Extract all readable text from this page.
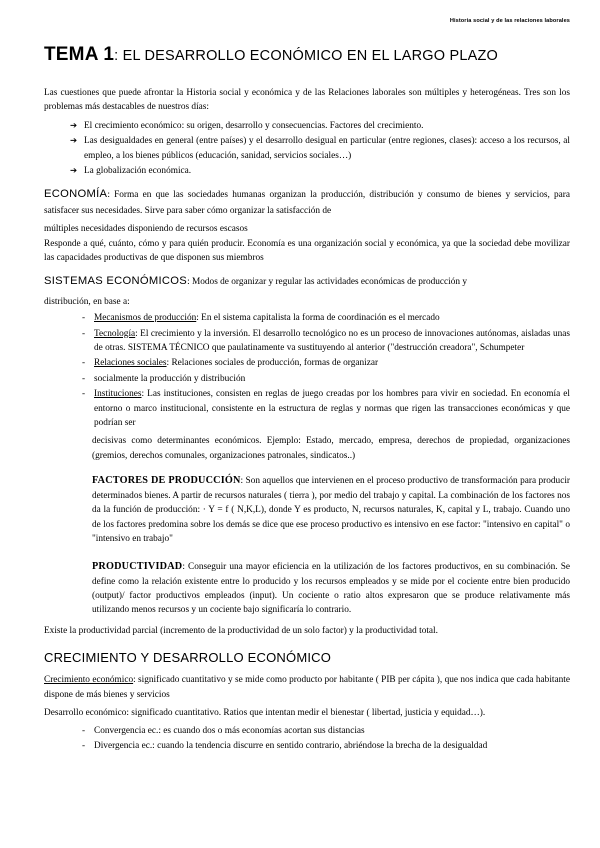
Historia social y de las relaciones laborales
TEMA 1: EL DESARROLLO ECONÓMICO EN EL LARGO PLAZO

Las cuestiones que puede afrontar la Historia social y económica y de las Relaciones laborales son múltiples y heterogéneas. Tres son los problemas más destacables de nuestros días:

➔ El crecimiento económico: su origen, desarrollo y consecuencias. Factores del crecimiento.
➔ Las desigualdades en general (entre países) y el desarrollo desigual en particular (entre regiones, clases): acceso a los recursos, al empleo, a los bienes públicos (educación, sanidad, servicios sociales…)
➔ La globalización económica.
ECONOMÍA: Forma en que las sociedades humanas organizan la producción, distribución y consumo de bienes y servicios, para satisfacer sus necesidades. Sirve para saber cómo organizar la satisfacción de

múltiples necesidades disponiendo de recursos escasos

Responde a qué, cuánto, cómo y para quién producir. Economía es una organización social y económica, ya que la sociedad debe movilizar las capacidades productivas de que disponen sus miembros

SISTEMAS ECONÓMICOS: Modos de organizar y regular las actividades económicas de producción y

distribución, en base a:

- Mecanismos de producción: En el sistema capitalista la forma de coordinación es el mercado
- Tecnología: El crecimiento y la inversión. El desarrollo tecnológico no es un proceso de innovaciones autónomas, aisladas unas de otras. SISTEMA TÉCNICO que paulatinamente va sustituyendo al anterior ("destrucción creadora", Schumpeter
- Relaciones sociales: Relaciones sociales de producción, formas de organizar
- socialmente la producción y distribución
- Instituciones: Las instituciones, consisten en reglas de juego creadas por los hombres para vivir en sociedad. En economía el entorno o marco institucional, consistente en la estructura de reglas y normas que rigen las transacciones económicas y que podrían ser

decisivas como determinantes económicos. Ejemplo: Estado, mercado, empresa, derechos de propiedad, organizaciones (gremios, derechos comunales, organizaciones patronales, sindicatos..)

FACTORES DE PRODUCCIÓN: Son aquellos que intervienen en el proceso productivo de transformación para producir determinados bienes. A partir de recursos naturales ( tierra ), por medio del trabajo y capital. La combinación de los factores nos da la función de producción: · Y = f ( N,K,L), donde Y es producto, N, recursos naturales, K, capital y L, trabajo. Cuando uno de los factores predomina sobre los demás se dice que ese proceso productivo es intensivo en ese factor: "intensivo en capital" o "intensivo en trabajo"

PRODUCTIVIDAD: Conseguir una mayor eficiencia en la utilización de los factores productivos, en su combinación. Se define como la relación existente entre lo producido y los recursos empleados y se mide por el cociente entre bien producido (output)/ factor productivos empleados (input). Un cociente o ratio altos expresaron que se produce relativamente más utilizando menos recursos y un cociente bajo significaría lo contrario.

Existe la productividad parcial (incremento de la productividad de un solo factor) y la productividad total.

CRECIMIENTO Y DESARROLLO ECONÓMICO

Crecimiento económico: significado cuantitativo y se mide como producto por habitante ( PIB per cápita ), que nos indica que cada habitante dispone de más bienes y servicios

Desarrollo económico: significado cuantitativo. Ratios que intentan medir el bienestar ( libertad, justicia y equidad…).

- Convergencia ec.: es cuando dos o más economías acortan sus distancias
- Divergencia ec.: cuando la tendencia discurre en sentido contrario, abriéndose la brecha de la desigualdad
